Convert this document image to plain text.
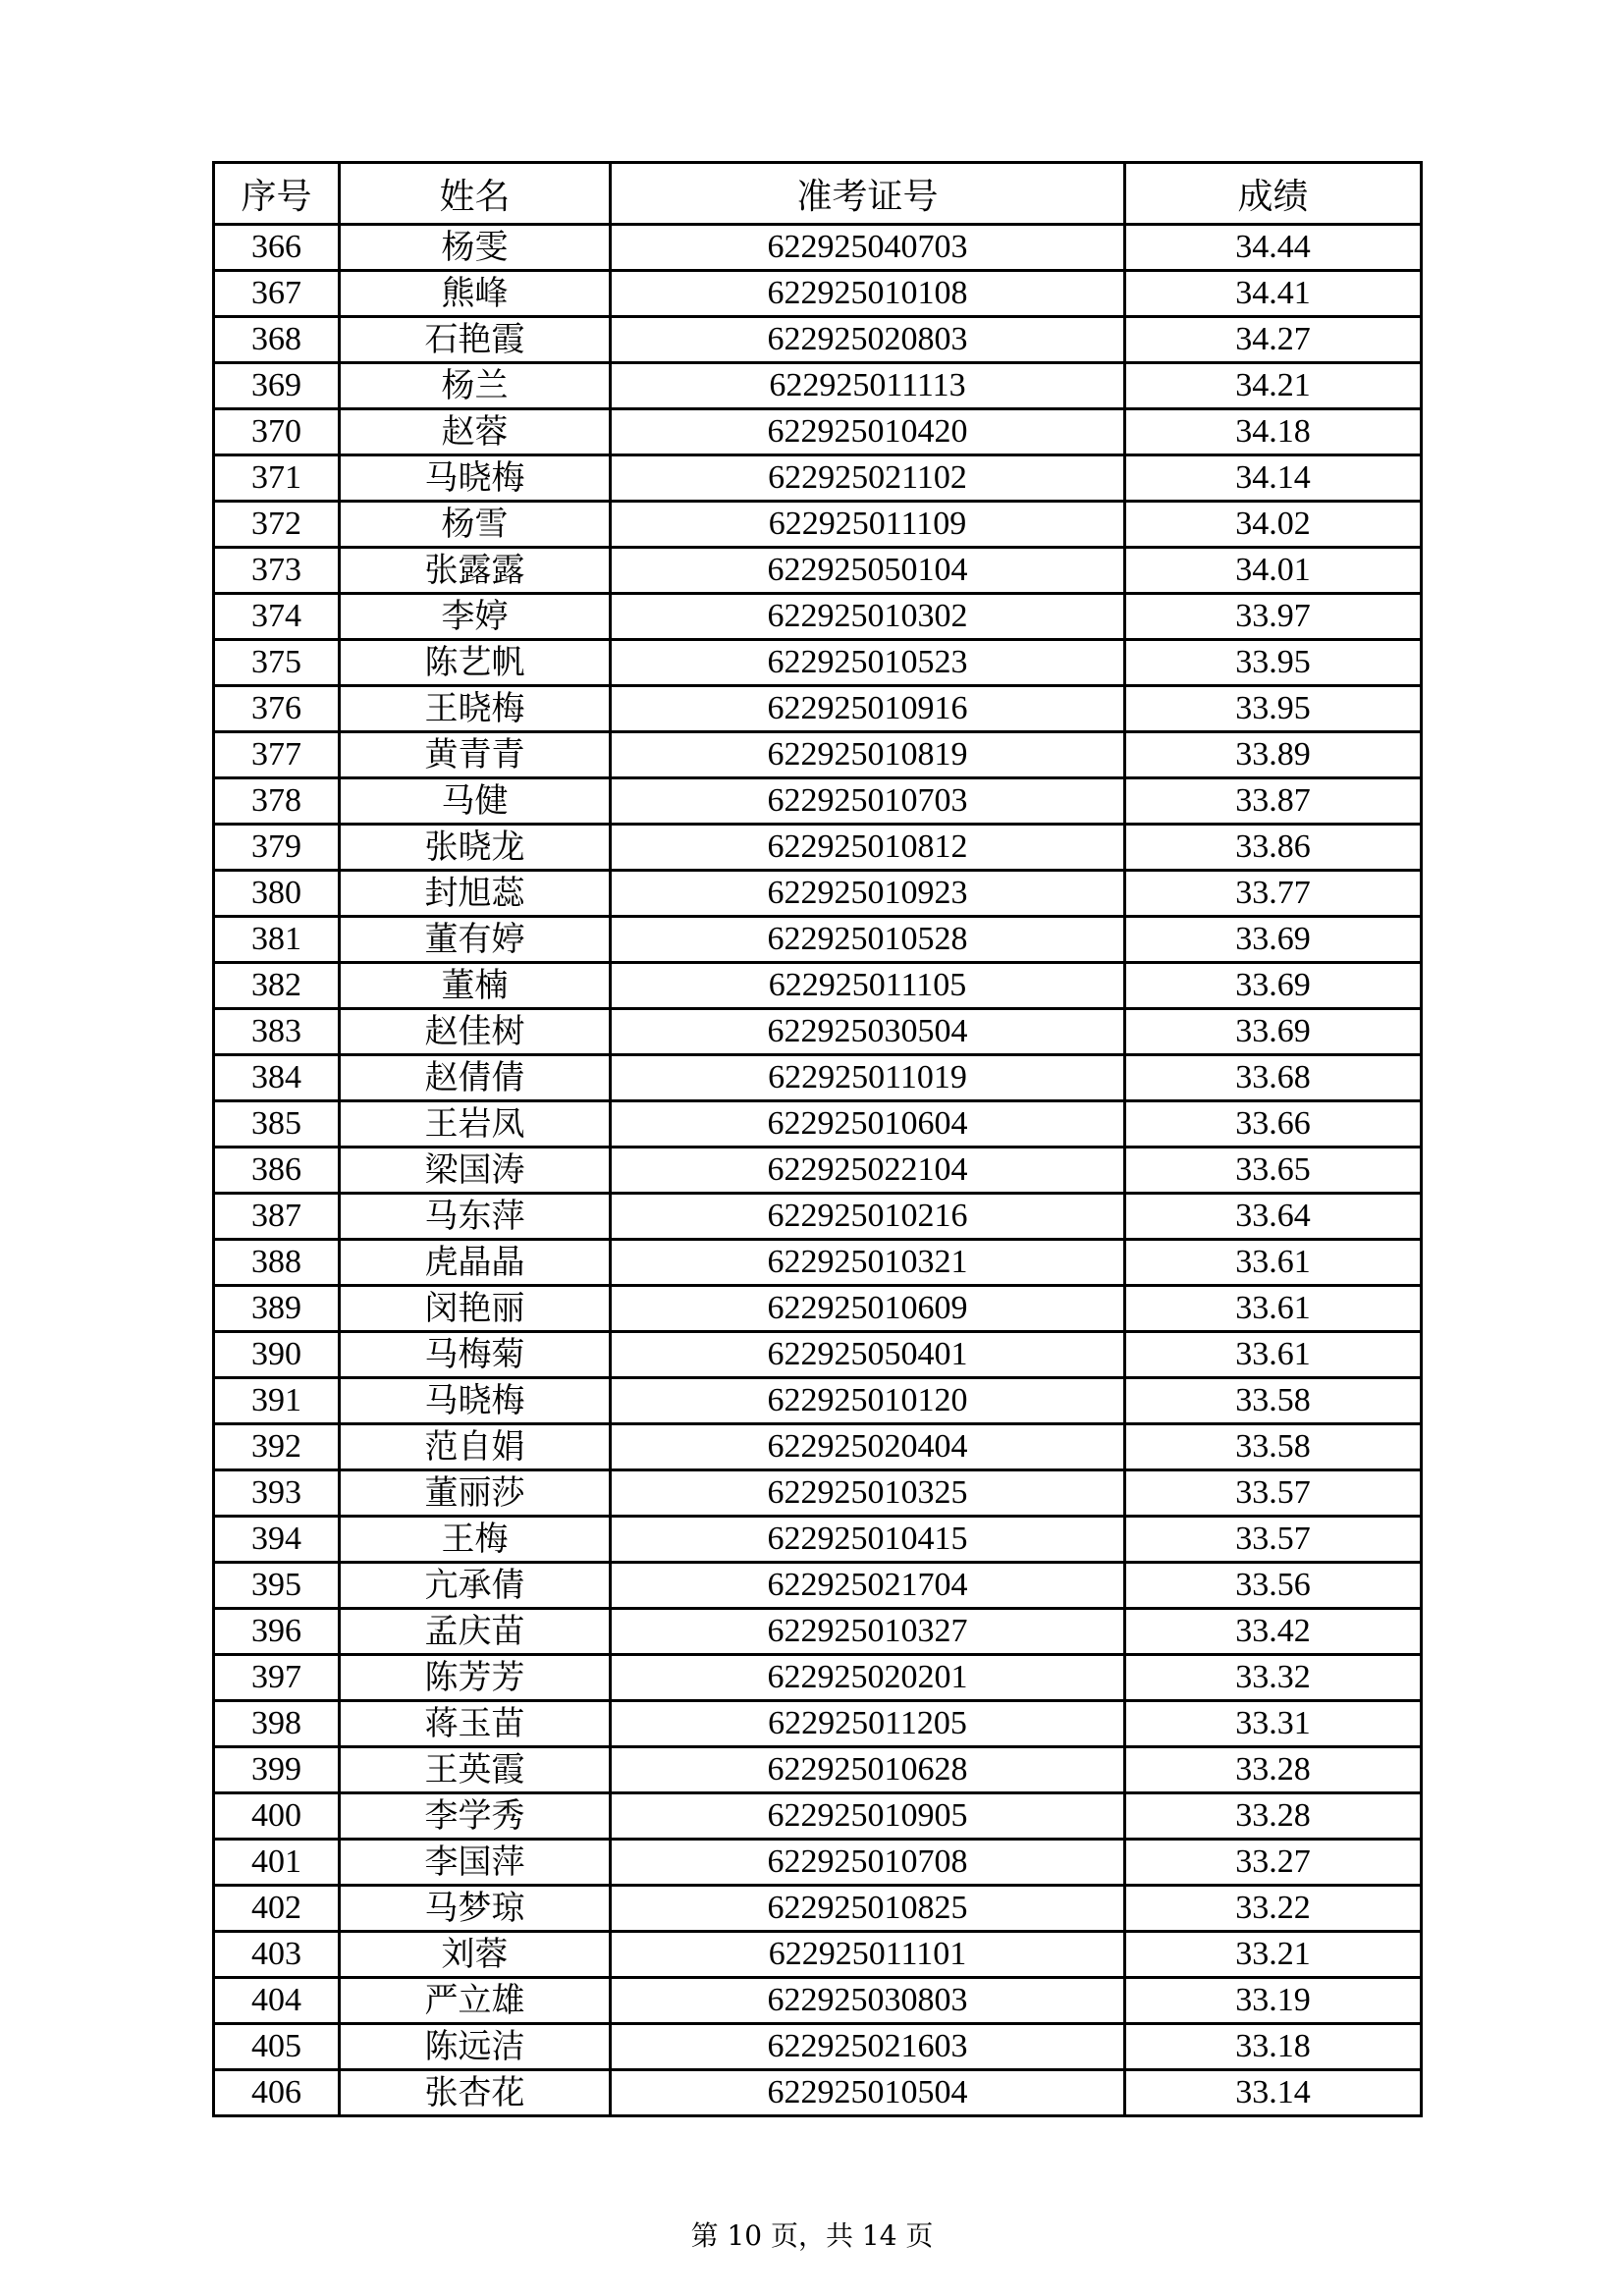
序号	姓名	准考证号	成绩
366	杨雯	622925040703	34.44
367	熊峰	622925010108	34.41
368	石艳霞	622925020803	34.27
369	杨兰	622925011113	34.21
370	赵蓉	622925010420	34.18
371	马晓梅	622925021102	34.14
372	杨雪	622925011109	34.02
373	张露露	622925050104	34.01
374	李婷	622925010302	33.97
375	陈艺帆	622925010523	33.95
376	王晓梅	622925010916	33.95
377	黄青青	622925010819	33.89
378	马健	622925010703	33.87
379	张晓龙	622925010812	33.86
380	封旭蕊	622925010923	33.77
381	董有婷	622925010528	33.69
382	董楠	622925011105	33.69
383	赵佳树	622925030504	33.69
384	赵倩倩	622925011019	33.68
385	王岩凤	622925010604	33.66
386	梁国涛	622925022104	33.65
387	马东萍	622925010216	33.64
388	虎晶晶	622925010321	33.61
389	闵艳丽	622925010609	33.61
390	马梅菊	622925050401	33.61
391	马晓梅	622925010120	33.58
392	范自娟	622925020404	33.58
393	董丽莎	622925010325	33.57
394	王梅	622925010415	33.57
395	亢承倩	622925021704	33.56
396	孟庆苗	622925010327	33.42
397	陈芳芳	622925020201	33.32
398	蒋玉苗	622925011205	33.31
399	王英霞	622925010628	33.28
400	李学秀	622925010905	33.28
401	李国萍	622925010708	33.27
402	马梦琼	622925010825	33.22
403	刘蓉	622925011101	33.21
404	严立雄	622925030803	33.19
405	陈远洁	622925021603	33.18
406	张杏花	622925010504	33.14
第 10 页，共 14 页
